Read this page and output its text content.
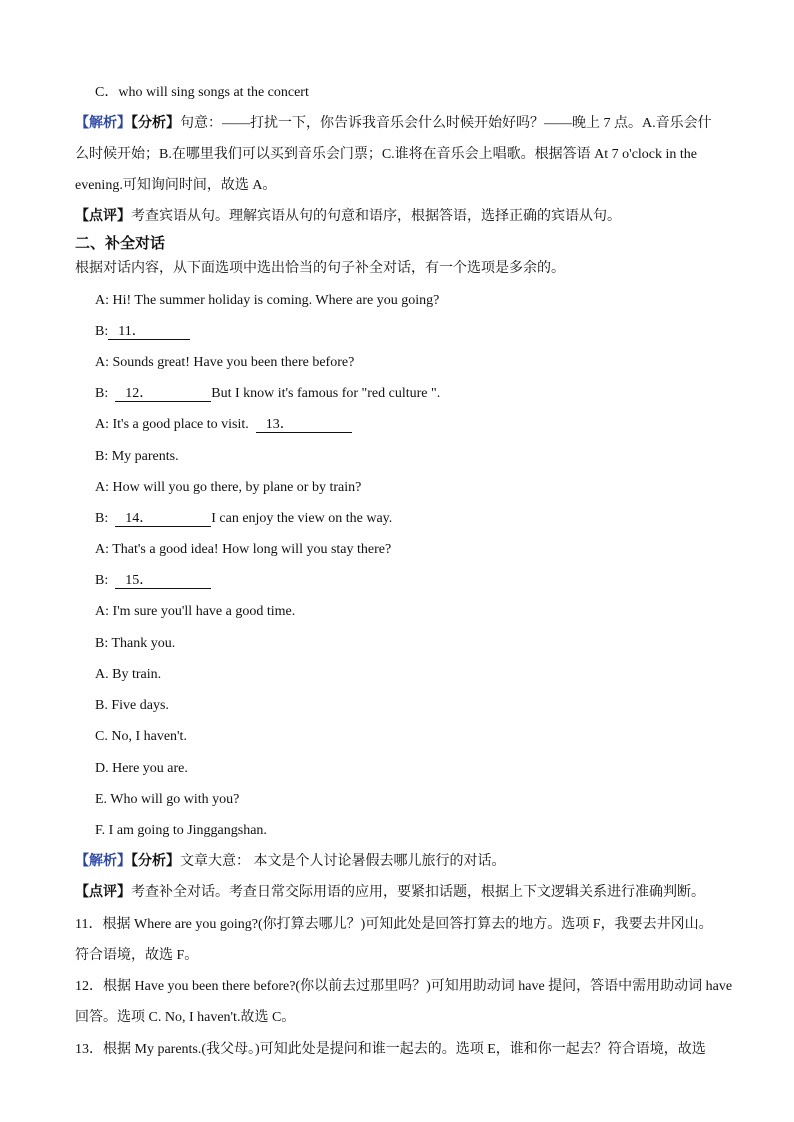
C．who will sing songs at the concert
【解析】【分析】句意：——打扰一下，你告诉我音乐会什么时候开始好吗？——晚上 7 点。A.音乐会什
么时候开始；B.在哪里我们可以买到音乐会门票；C.谁将在音乐会上唱歌。根据答语 At 7 o'clock in the
evening.可知询问时间，故选 A。
【点评】考查宾语从句。理解宾语从句的句意和语序，根据答语，选择正确的宾语从句。
二、补全对话
根据对话内容，从下面选项中选出恰当的句子补全对话，有一个选项是多余的。
A: Hi! The summer holiday is coming. Where are you going?
B: 11．
A: Sounds great! Have you been there before?
B: 12．	But I know it's famous for "red culture ".
A: It's a good place to visit. 13．
B: My parents.
A: How will you go there, by plane or by train?
B: 14．	I can enjoy the view on the way.
A: That's a good idea! How long will you stay there?
B: 15．
A: I'm sure you'll have a good time.
B: Thank you.
A. By train.
B. Five days.
C. No, I haven't.
D. Here you are.
E. Who will go with you?
F. I am going to Jinggangshan.
【解析】【分析】文章大意： 本文是个人讨论暑假去哪儿旅行的对话。
【点评】考查补全对话。考查日常交际用语的应用，要紧扣话题，根据上下文逻辑关系进行准确判断。
11．根据 Where are you going?(你打算去哪儿？)可知此处是回答打算去的地方。选项 F，我要去井冈山。
符合语境，故选 F。
12．根据 Have you been there before?(你以前去过那里吗？)可知用助动词 have 提问，答语中需用助动词 have
回答。选项 C. No, I haven't.故选 C。
13．根据 My parents.(我父母。)可知此处是提问和谁一起去的。选项 E，谁和你一起去？符合语境，故选
